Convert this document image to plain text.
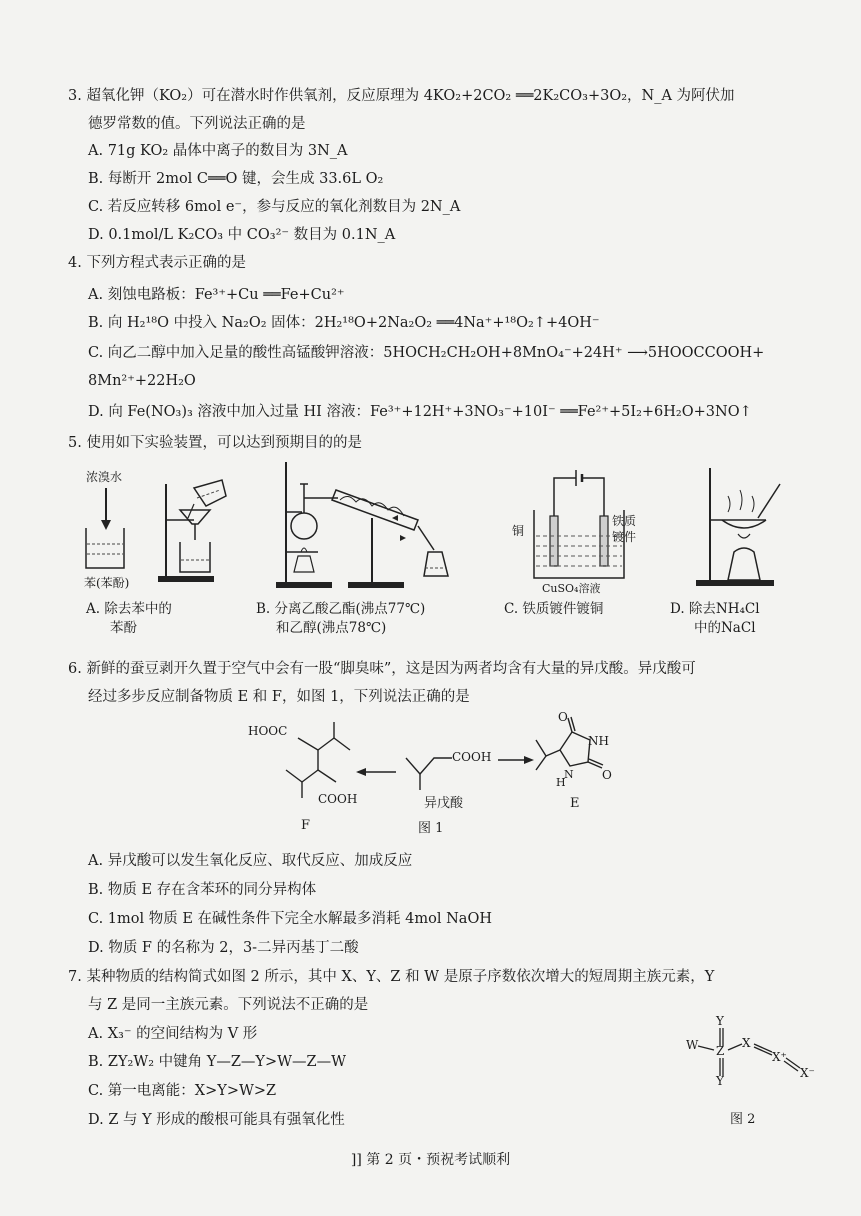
3. 超氧化钾（KO₂）可在潜水时作供氧剂，反应原理为 4KO₂+2CO₂ ══2K₂CO₃+3O₂，N_A 为阿伏加
德罗常数的值。下列说法正确的是
A. 71g KO₂ 晶体中离子的数目为 3N_A
B. 每断开 2mol C══O 键，会生成 33.6L O₂
C. 若反应转移 6mol e⁻，参与反应的氧化剂数目为 2N_A
D. 0.1mol/L K₂CO₃ 中 CO₃²⁻ 数目为 0.1N_A
4. 下列方程式表示正确的是
A. 刻蚀电路板：Fe³⁺+Cu ══Fe+Cu²⁺
B. 向 H₂¹⁸O 中投入 Na₂O₂ 固体：2H₂¹⁸O+2Na₂O₂ ══4Na⁺+¹⁸O₂↑+4OH⁻
C. 向乙二醇中加入足量的酸性高锰酸钾溶液：5HOCH₂CH₂OH+8MnO₄⁻+24H⁺ ⟶5HOOCCOOH+
8Mn²⁺+22H₂O
D. 向 Fe(NO₃)₃ 溶液中加入过量 HI 溶液：Fe³⁺+12H⁺+3NO₃⁻+10I⁻ ══Fe²⁺+5I₂+6H₂O+3NO↑
5. 使用如下实验装置，可以达到预期目的的是
浓溴水
苯(苯酚)
A. 除去苯中的
苯酚
B. 分离乙酸乙酯(沸点77℃)
和乙醇(沸点78℃)
铜
铁质
镀件
CuSO₄溶液
C. 铁质镀件镀铜	D. 除去NH₄Cl
中的NaCl
6. 新鲜的蚕豆剥开久置于空气中会有一股“脚臭味”，这是因为两者均含有大量的异戊酸。异戊酸可
经过多步反应制备物质 E 和 F，如图 1，下列说法正确的是
HOOC
COOH
COOH
NH
O
O
N
H
F
异戊酸	E
图 1
A. 异戊酸可以发生氧化反应、取代反应、加成反应
B. 物质 E 存在含苯环的同分异构体
C. 1mol 物质 E 在碱性条件下完全水解最多消耗 4mol NaOH
D. 物质 F 的名称为 2，3-二异丙基丁二酸
7. 某种物质的结构简式如图 2 所示，其中 X、Y、Z 和 W 是原子序数依次增大的短周期主族元素，Y
与 Z 是同一主族元素。下列说法不正确的是
A. X₃⁻ 的空间结构为 V 形
B. ZY₂W₂ 中键角 Y—Z—Y>W—Z—W
C. 第一电离能：X>Y>W>Z
D. Z 与 Y 形成的酸根可能具有强氧化性
Y
W Z
X
X⁺
X⁻
Y
图 2
]] 第 2 页・预祝考试顺利
